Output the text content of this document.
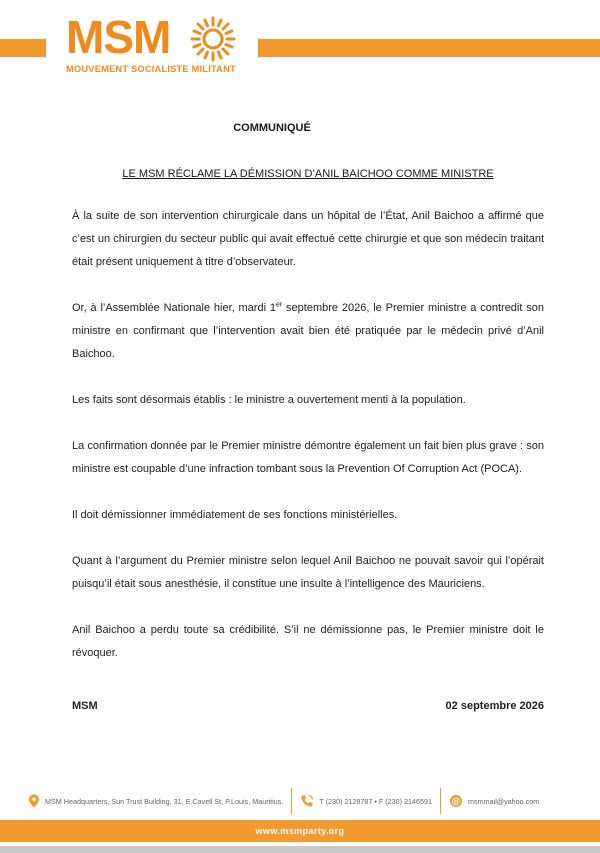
MSM
MOUVEMENT SOCIALISTE MILITANT
COMMUNIQUÉ
LE MSM RÉCLAME LA DÉMISSION D’ANIL BAICHOO COMME MINISTRE

À la suite de son intervention chirurgicale dans un hôpital de l’État, Anil Baichoo a affirmé que c’est un chirurgien du secteur public qui avait effectué cette chirurgie et que son médecin traitant était présent uniquement à titre d’observateur.

Or, à l’Assemblée Nationale hier, mardi 1er septembre 2026, le Premier ministre a contredit son ministre en confirmant que l’intervention avait bien été pratiquée par le médecin privé d’Anil Baichoo.

Les faits sont désormais établis : le ministre a ouvertement menti à la population.

La confirmation donnée par le Premier ministre démontre également un fait bien plus grave : son ministre est coupable d’une infraction tombant sous la Prevention Of Corruption Act (POCA).

Il doit démissionner immédiatement de ses fonctions ministérielles.

Quant à l’argument du Premier ministre selon lequel Anil Baichoo ne pouvait savoir qui l’opérait puisqu’il était sous anesthésie, il constitue une insulte à l’intelligence des Mauriciens.

Anil Baichoo a perdu toute sa crédibilité. S’il ne démissionne pas, le Premier ministre doit le révoquer.

MSM	02 septembre 2026
MSM Headquarters, Sun Trust Building, 31, E.Cavell St, P.Louis, Mauritius.	T (230) 2128787 • F (230) 2146591 @ msmmail@yahoo.com
www.msmparty.org
